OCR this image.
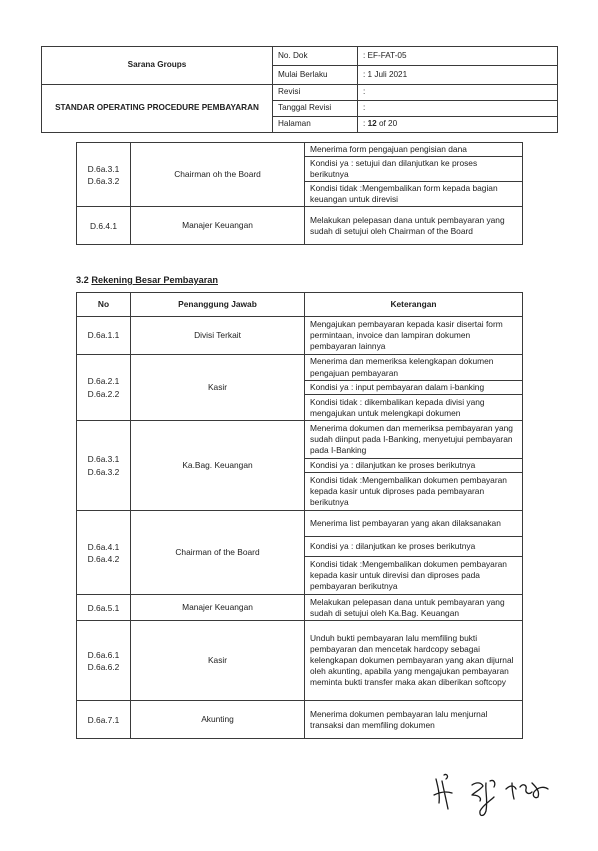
Sarana Groups	No. Dok	: EF-FAT-05
	Mulai Berlaku	: 1 Juli 2021
STANDAR OPERATING PROCEDURE PEMBAYARAN	Revisi	:
	Tanggal Revisi	:
	Halaman	: 12 of 20
D.6a.3.1
D.6a.3.2	Chairman oh the Board	Menerima form pengajuan pengisian dana
		Kondisi ya : setujui dan dilanjutkan ke proses berikutnya
		Kondisi tidak :Mengembalikan form kepada bagian keuangan untuk direvisi

D.6.4.1	Manajer Keuangan	Melakukan pelepasan dana untuk pembayaran yang sudah di setujui oleh Chairman of the Board
3.2 Rekening Besar Pembayaran
No	Penanggung Jawab	Keterangan

D.6a.1.1	Divisi Terkait	Mengajukan pembayaran kepada kasir disertai form permintaan, invoice dan lampiran dokumen pembayaran lainnya

D.6a.2.1
D.6a.2.2	Kasir	Menerima dan memeriksa kelengkapan dokumen pengajuan pembayaran
		Kondisi ya : input pembayaran dalam i-banking
		Kondisi tidak : dikembalikan kepada divisi yang mengajukan untuk melengkapi dokumen

D.6a.3.1
D.6a.3.2	Ka.Bag. Keuangan	Menerima dokumen dan memeriksa pembayaran yang sudah diinput pada I-Banking, menyetujui pembayaran pada I-Banking
		Kondisi ya : dilanjutkan ke proses berikutnya
		Kondisi tidak :Mengembalikan dokumen pembayaran kepada kasir untuk diproses pada pembayaran berikutnya

D.6a.4.1
D.6a.4.2	Chairman of the Board	Menerima list pembayaran yang akan dilaksanakan
		Kondisi ya : dilanjutkan ke proses berikutnya
		Kondisi tidak :Mengembalikan dokumen pembayaran kepada kasir untuk direvisi dan diproses pada pembayaran berikutnya

D.6a.5.1	Manajer Keuangan	Melakukan pelepasan dana untuk pembayaran yang sudah di setujui oleh Ka.Bag. Keuangan

D.6a.6.1
D.6a.6.2	Kasir	Unduh bukti pembayaran lalu memfiling bukti pembayaran dan mencetak hardcopy sebagai kelengkapan dokumen pembayaran yang akan dijurnal oleh akunting, apabila yang mengajukan pembayaran meminta bukti transfer maka akan diberikan softcopy

D.6a.7.1	Akunting	Menerima dokumen pembayaran lalu menjurnal transaksi dan memfiling dokumen
